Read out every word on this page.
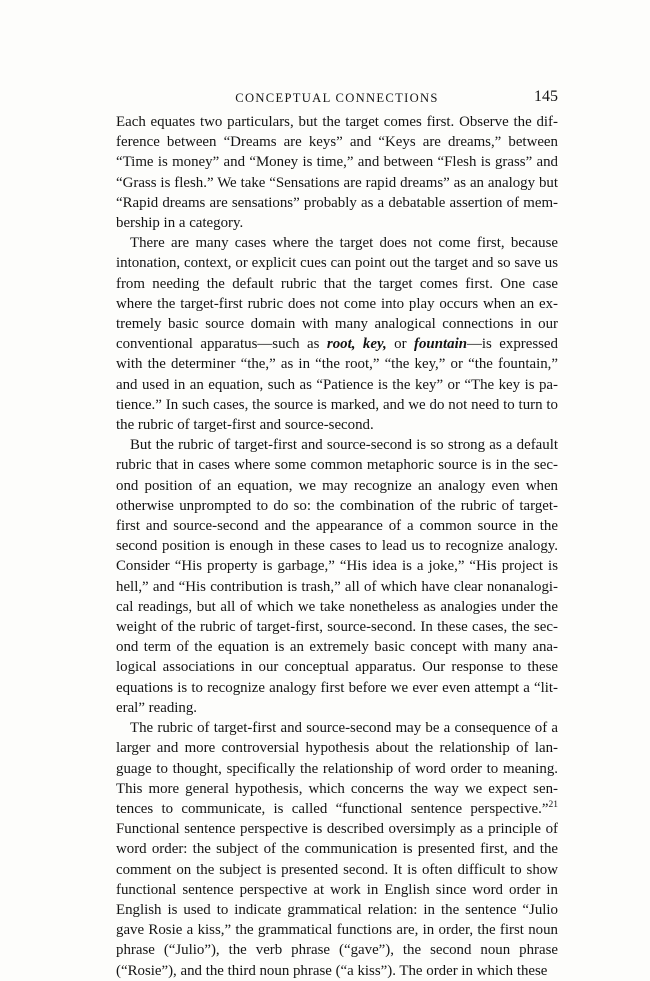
CONCEPTUAL CONNECTIONS	145

Each equates two particulars, but the target comes first. Observe the difference between “Dreams are keys” and “Keys are dreams,” between “Time is money” and “Money is time,” and between “Flesh is grass” and “Grass is flesh.” We take “Sensations are rapid dreams” as an analogy but “Rapid dreams are sensations” probably as a debatable assertion of membership in a category.

There are many cases where the target does not come first, because intonation, context, or explicit cues can point out the target and so save us from needing the default rubric that the target comes first. One case where the target-first rubric does not come into play occurs when an extremely basic source domain with many analogical connections in our conventional apparatus—such as root, key, or fountain—is expressed with the determiner “the,” as in “the root,” “the key,” or “the fountain,” and used in an equation, such as “Patience is the key” or “The key is patience.” In such cases, the source is marked, and we do not need to turn to the rubric of target-first and source-second.

But the rubric of target-first and source-second is so strong as a default rubric that in cases where some common metaphoric source is in the second position of an equation, we may recognize an analogy even when otherwise unprompted to do so: the combination of the rubric of target-first and source-second and the appearance of a common source in the second position is enough in these cases to lead us to recognize analogy. Consider “His property is garbage,” “His idea is a joke,” “His project is hell,” and “His contribution is trash,” all of which have clear nonanalogical readings, but all of which we take nonetheless as analogies under the weight of the rubric of target-first, source-second. In these cases, the second term of the equation is an extremely basic concept with many analogical associations in our conceptual apparatus. Our response to these equations is to recognize analogy first before we ever even attempt a “literal” reading.

The rubric of target-first and source-second may be a consequence of a larger and more controversial hypothesis about the relationship of language to thought, specifically the relationship of word order to meaning. This more general hypothesis, which concerns the way we expect sentences to communicate, is called “functional sentence perspective.”$^{21}$ Functional sentence perspective is described oversimply as a principle of word order: the subject of the communication is presented first, and the comment on the subject is presented second. It is often difficult to show functional sentence perspective at work in English since word order in English is used to indicate grammatical relation: in the sentence “Julio gave Rosie a kiss,” the grammatical functions are, in order, the first noun phrase (“Julio”), the verb phrase (“gave”), the second noun phrase (“Rosie”), and the third noun phrase (“a kiss”). The order in which these
